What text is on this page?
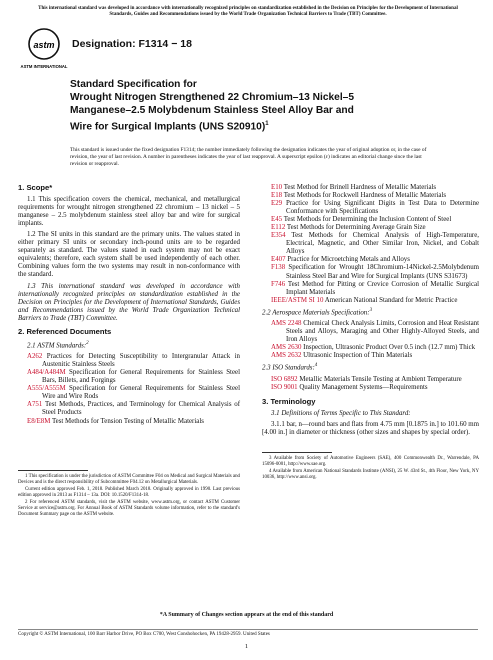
This international standard was developed in accordance with internationally recognized principles on standardization established in the Decision on Principles for the Development of International Standards, Guides and Recommendations issued by the World Trade Organization Technical Barriers to Trade (TBT) Committee.
astm
ASTM INTERNATIONAL
Designation: F1314 − 18
Standard Specification for
Wrought Nitrogen Strengthened 22 Chromium–13 Nickel–5
Manganese–2.5 Molybdenum Stainless Steel Alloy Bar and
Wire for Surgical Implants (UNS S20910)$^1$
This standard is issued under the fixed designation F1314; the number immediately following the designation indicates the year of original adoption or, in the case of revision, the year of last revision. A number in parentheses indicates the year of last reapproval. A superscript epsilon (ε) indicates an editorial change since the last revision or reapproval.
1. Scope*

1.1 This specification covers the chemical, mechanical, and metallurgical requirements for wrought nitrogen strengthened 22 chromium – 13 nickel – 5 manganese – 2.5 molybdenum stainless steel alloy bar and wire for surgical implants.

1.2 The SI units in this standard are the primary units. The values stated in either primary SI units or secondary inch-pound units are to be regarded separately as standard. The values stated in each system may not be exact equivalents; therefore, each system shall be used independently of each other. Combining values form the two systems may result in non-conformance with the standard.

1.3 This international standard was developed in accordance with internationally recognized principles on standardization established in the Decision on Principles for the Development of International Standards, Guides and Recommendations issued by the World Trade Organization Technical Barriers to Trade (TBT) Committee.

2. Referenced Documents

2.1 ASTM Standards:$^2$

A262 Practices for Detecting Susceptibility to Intergranular Attack in Austenitic Stainless Steels

A484/A484M Specification for General Requirements for Stainless Steel Bars, Billets, and Forgings

A555/A555M Specification for General Requirements for Stainless Steel Wire and Wire Rods

A751 Test Methods, Practices, and Terminology for Chemical Analysis of Steel Products

E8/E8M Test Methods for Tension Testing of Metallic Materials

1 This specification is under the jurisdiction of ASTM Committee F04 on Medical and Surgical Materials and Devices and is the direct responsibility of Subcommittee F04.12 on Metallurgical Materials.

Current edition approved Feb. 1, 2018. Published March 2018. Originally approved in 1990. Last previous edition approved in 2013 as F1314 – 13a. DOI: 10.1520/F1314-18.

2 For referenced ASTM standards, visit the ASTM website, www.astm.org, or contact ASTM Customer Service at service@astm.org. For Annual Book of ASTM Standards volume information, refer to the standard's Document Summary page on the ASTM website.

E10 Test Method for Brinell Hardness of Metallic Materials

E18 Test Methods for Rockwell Hardness of Metallic Materials

E29 Practice for Using Significant Digits in Test Data to Determine Conformance with Specifications

E45 Test Methods for Determining the Inclusion Content of Steel

E112 Test Methods for Determining Average Grain Size

E354 Test Methods for Chemical Analysis of High-Temperature, Electrical, Magnetic, and Other Similar Iron, Nickel, and Cobalt Alloys

E407 Practice for Microetching Metals and Alloys

F138 Specification for Wrought 18Chromium-14Nickel-2.5Molybdenum Stainless Steel Bar and Wire for Surgical Implants (UNS S31673)

F746 Test Method for Pitting or Crevice Corrosion of Metallic Surgical Implant Materials

IEEE/ASTM SI 10 American National Standard for Metric Practice

2.2 Aerospace Materials Specification:$^3$

AMS 2248 Chemical Check Analysis Limits, Corrosion and Heat Resistant Steels and Alloys, Maraging and Other Highly-Alloyed Steels, and Iron Alloys

AMS 2630 Inspection, Ultrasonic Product Over 0.5 inch (12.7 mm) Thick

AMS 2632 Ultrasonic Inspection of Thin Materials

2.3 ISO Standards:$^4$

ISO 6892 Metallic Materials Tensile Testing at Ambient Temperature

ISO 9001 Quality Management Systems—Requirements

3. Terminology

3.1 Definitions of Terms Specific to This Standard:

3.1.1 bar, n—round bars and flats from 4.75 mm [0.1875 in.] to 101.60 mm [4.00 in.] in diameter or thickness (other sizes and shapes by special order).

3 Available from Society of Automotive Engineers (SAE), 400 Commonwealth Dr., Warrendale, PA 15096-0001, http://www.sae.org.

4 Available from American National Standards Institute (ANSI), 25 W. 43rd St., 4th Floor, New York, NY 10036, http://www.ansi.org.

*A Summary of Changes section appears at the end of this standard
Copyright © ASTM International, 100 Barr Harbor Drive, PO Box C700, West Conshohocken, PA 19428-2959. United States
1
